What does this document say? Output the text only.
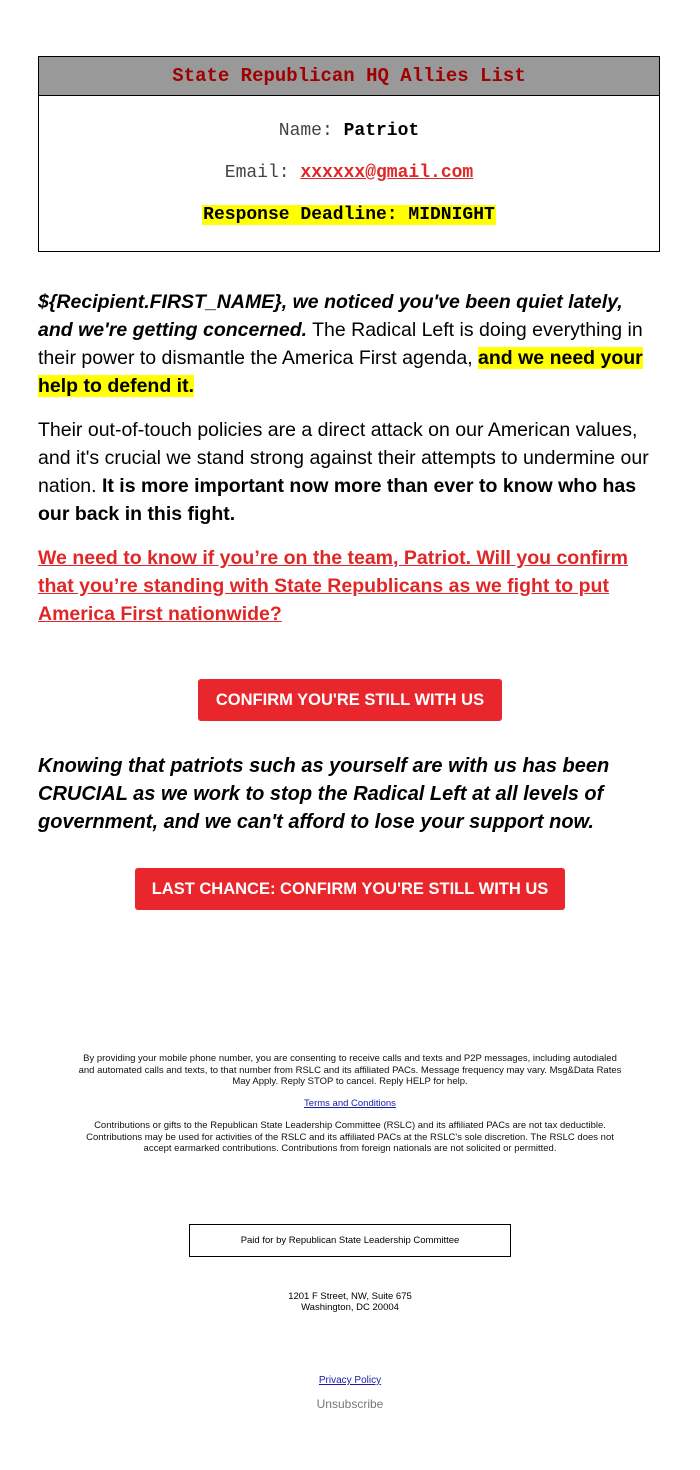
State Republican HQ Allies List
Name: Patriot
Email: xxxxxx@gmail.com
Response Deadline: MIDNIGHT
${Recipient.FIRST_NAME}, we noticed you've been quiet lately, and we're getting concerned. The Radical Left is doing everything in their power to dismantle the America First agenda, and we need your help to defend it.
Their out-of-touch policies are a direct attack on our American values, and it's crucial we stand strong against their attempts to undermine our nation. It is more important now more than ever to know who has our back in this fight.
We need to know if you’re on the team, Patriot. Will you confirm that you’re standing with State Republicans as we fight to put America First nationwide?
CONFIRM YOU'RE STILL WITH US
Knowing that patriots such as yourself are with us has been CRUCIAL as we work to stop the Radical Left at all levels of government, and we can't afford to lose your support now.
LAST CHANCE: CONFIRM YOU'RE STILL WITH US
By providing your mobile phone number, you are consenting to receive calls and texts and P2P messages, including autodialed and automated calls and texts, to that number from RSLC and its affiliated PACs. Message frequency may vary. Msg&Data Rates May Apply. Reply STOP to cancel. Reply HELP for help.
Terms and Conditions
Contributions or gifts to the Republican State Leadership Committee (RSLC) and its affiliated PACs are not tax deductible. Contributions may be used for activities of the RSLC and its affiliated PACs at the RSLC's sole discretion. The RSLC does not accept earmarked contributions. Contributions from foreign nationals are not solicited or permitted.
Paid for by Republican State Leadership Committee
1201 F Street, NW, Suite 675
Washington, DC 20004
Privacy Policy
Unsubscribe
